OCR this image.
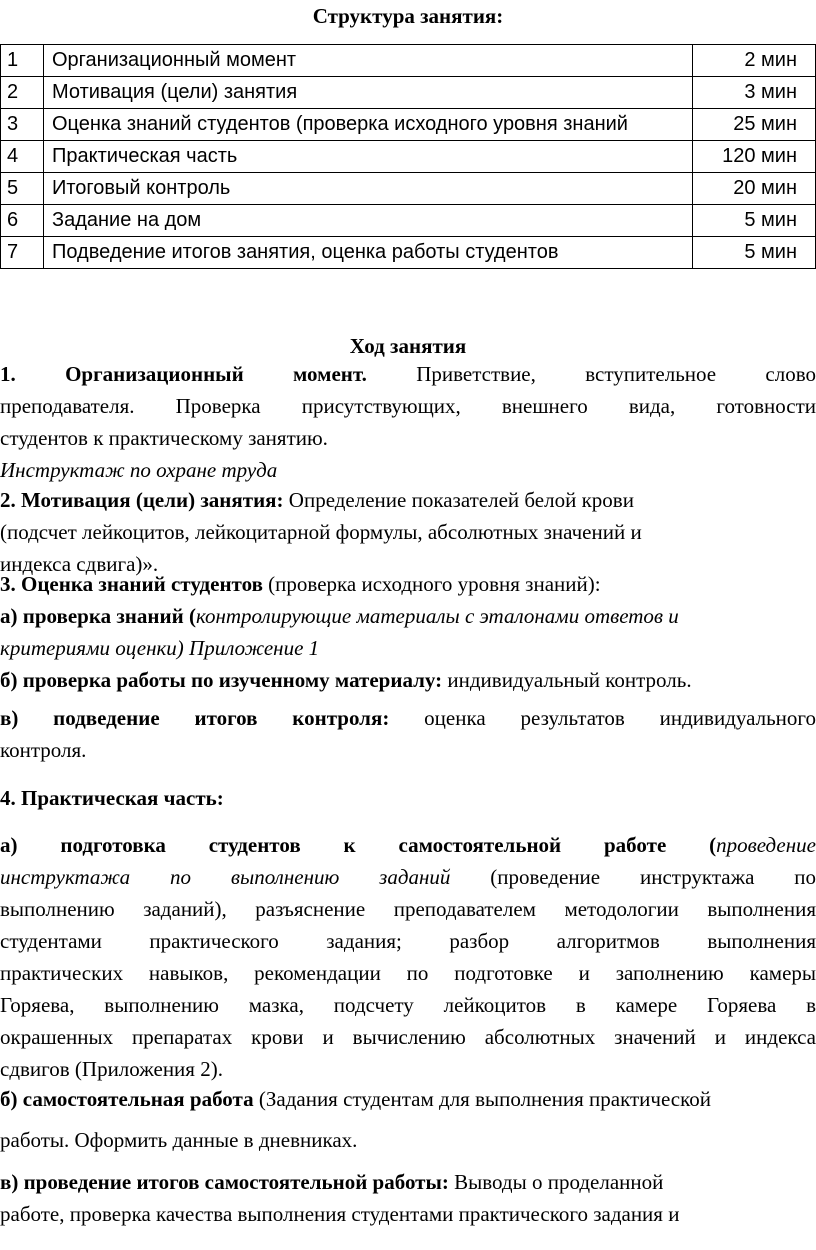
Структура занятия:
1	Организационный момент	2 мин
2	Мотивация (цели) занятия	3 мин
3	Оценка знаний студентов (проверка исходного уровня знаний	25 мин
4	Практическая часть	120 мин
5	Итоговый контроль	20 мин
6	Задание на дом	5 мин
7	Подведение итогов занятия, оценка работы студентов	5 мин
Ход занятия
1. Организационный момент. Приветствие, вступительное слово
преподавателя. Проверка присутствующих, внешнего вида, готовности
студентов к практическому занятию.
Инструктаж по охране труда
2. Мотивация (цели) занятия: Определение показателей белой крови
(подсчет лейкоцитов, лейкоцитарной формулы, абсолютных значений и
индекса сдвига)».
3. Оценка знаний студентов (проверка исходного уровня знаний):
а) проверка знаний (контролирующие материалы с эталонами ответов и
критериями оценки) Приложение 1
б) проверка работы по изученному материалу: индивидуальный контроль.
в) подведение итогов контроля: оценка результатов индивидуального
контроля.
4. Практическая часть:
а) подготовка студентов к самостоятельной работе (проведение
инструктажа по выполнению заданий (проведение инструктажа по
выполнению заданий), разъяснение преподавателем методологии выполнения
студентами практического задания; разбор алгоритмов выполнения
практических навыков, рекомендации по подготовке и заполнению камеры
Горяева, выполнению мазка, подсчету лейкоцитов в камере Горяева в
окрашенных препаратах крови и вычислению абсолютных значений и индекса
сдвигов (Приложения 2).
б) самостоятельная работа (Задания студентам для выполнения практической
работы. Оформить данные в дневниках.
в) проведение итогов самостоятельной работы: Выводы о проделанной
работе, проверка качества выполнения студентами практического задания и
